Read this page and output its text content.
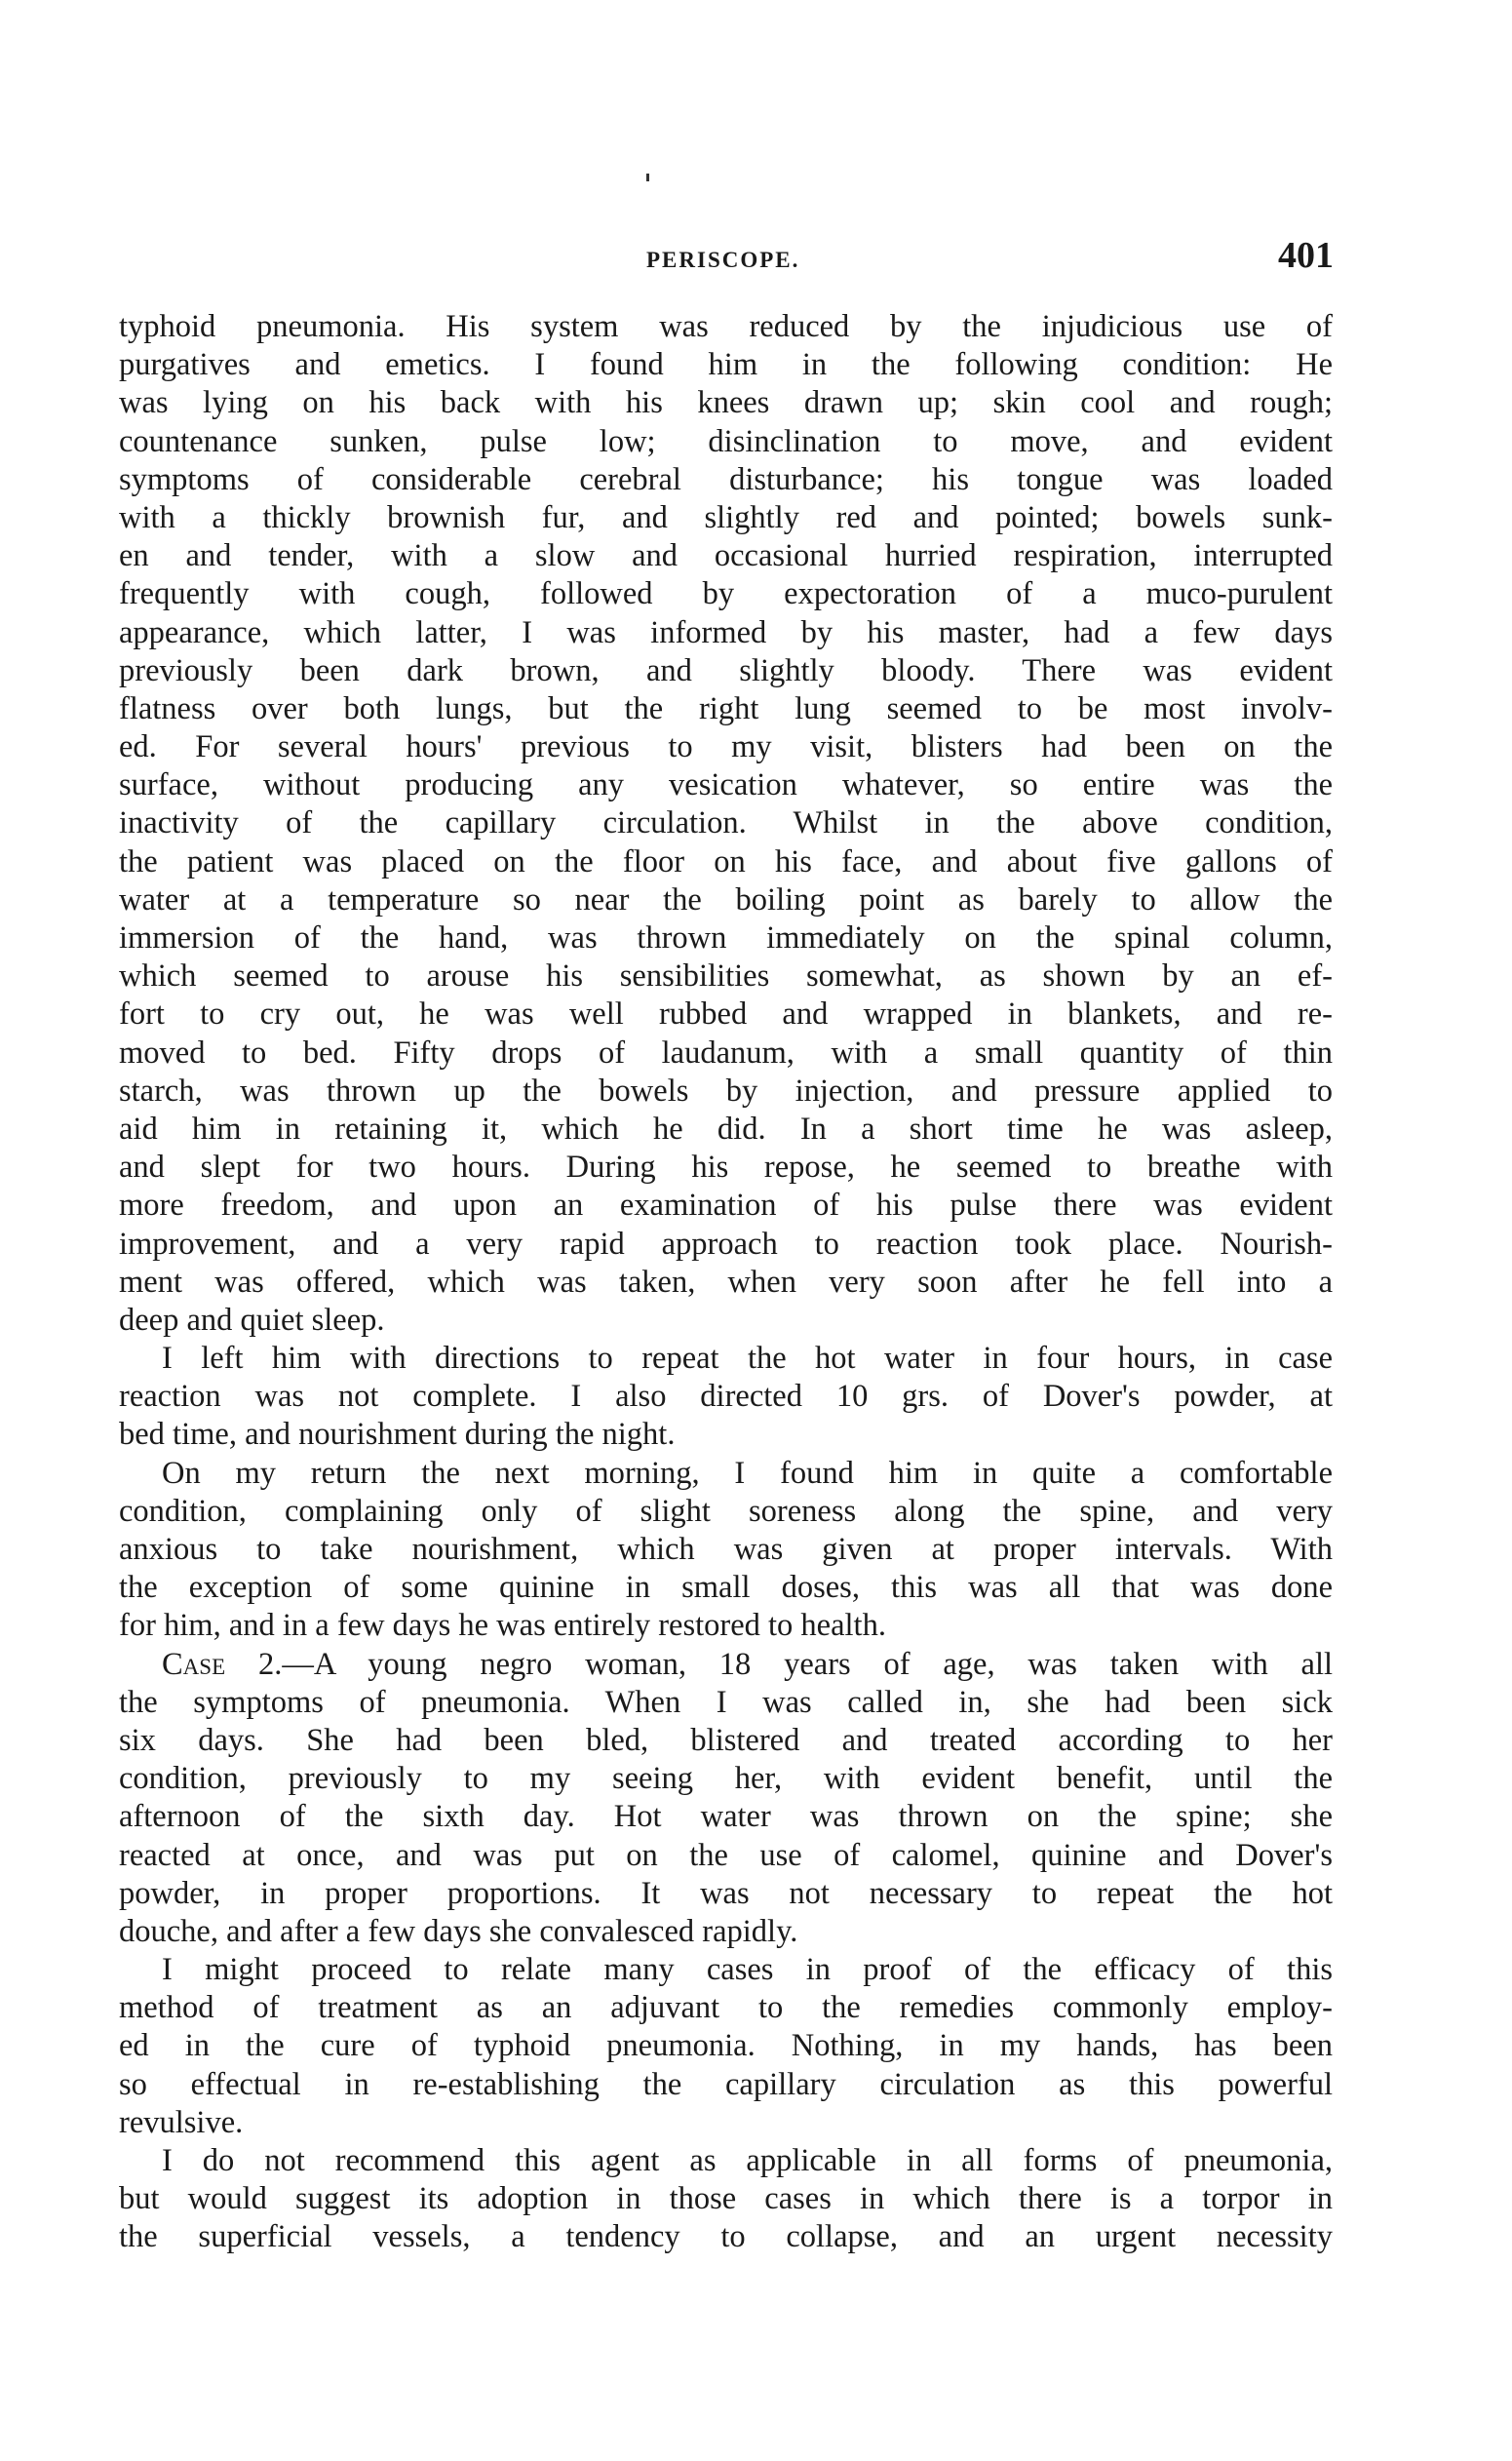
PERISCOPE.	401
typhoid pneumonia. His system was reduced by the injudicious use of
purgatives and emetics. I found him in the following condition: He
was lying on his back with his knees drawn up; skin cool and rough;
countenance sunken, pulse low; disinclination to move, and evident
symptoms of considerable cerebral disturbance; his tongue was loaded
with a thickly brownish fur, and slightly red and pointed; bowels sunk-
en and tender, with a slow and occasional hurried respiration, interrupted
frequently with cough, followed by expectoration of a muco-purulent
appearance, which latter, I was informed by his master, had a few days
previously been dark brown, and slightly bloody. There was evident
flatness over both lungs, but the right lung seemed to be most involv-
ed. For several hours' previous to my visit, blisters had been on the
surface, without producing any vesication whatever, so entire was the
inactivity of the capillary circulation. Whilst in the above condition,
the patient was placed on the floor on his face, and about five gallons of
water at a temperature so near the boiling point as barely to allow the
immersion of the hand, was thrown immediately on the spinal column,
which seemed to arouse his sensibilities somewhat, as shown by an ef-
fort to cry out, he was well rubbed and wrapped in blankets, and re-
moved to bed. Fifty drops of laudanum, with a small quantity of thin
starch, was thrown up the bowels by injection, and pressure applied to
aid him in retaining it, which he did. In a short time he was asleep,
and slept for two hours. During his repose, he seemed to breathe with
more freedom, and upon an examination of his pulse there was evident
improvement, and a very rapid approach to reaction took place. Nourish-
ment was offered, which was taken, when very soon after he fell into a
deep and quiet sleep.
I left him with directions to repeat the hot water in four hours, in case
reaction was not complete. I also directed 10 grs. of Dover's powder, at
bed time, and nourishment during the night.
On my return the next morning, I found him in quite a comfortable
condition, complaining only of slight soreness along the spine, and very
anxious to take nourishment, which was given at proper intervals. With
the exception of some quinine in small doses, this was all that was done
for him, and in a few days he was entirely restored to health.
Case 2.—A young negro woman, 18 years of age, was taken with all
the symptoms of pneumonia. When I was called in, she had been sick
six days. She had been bled, blistered and treated according to her
condition, previously to my seeing her, with evident benefit, until the
afternoon of the sixth day. Hot water was thrown on the spine; she
reacted at once, and was put on the use of calomel, quinine and Dover's
powder, in proper proportions. It was not necessary to repeat the hot
douche, and after a few days she convalesced rapidly.
I might proceed to relate many cases in proof of the efficacy of this
method of treatment as an adjuvant to the remedies commonly employ-
ed in the cure of typhoid pneumonia. Nothing, in my hands, has been
so effectual in re-establishing the capillary circulation as this powerful
revulsive.
I do not recommend this agent as applicable in all forms of pneumonia,
but would suggest its adoption in those cases in which there is a torpor in
the superficial vessels, a tendency to collapse, and an urgent necessity
